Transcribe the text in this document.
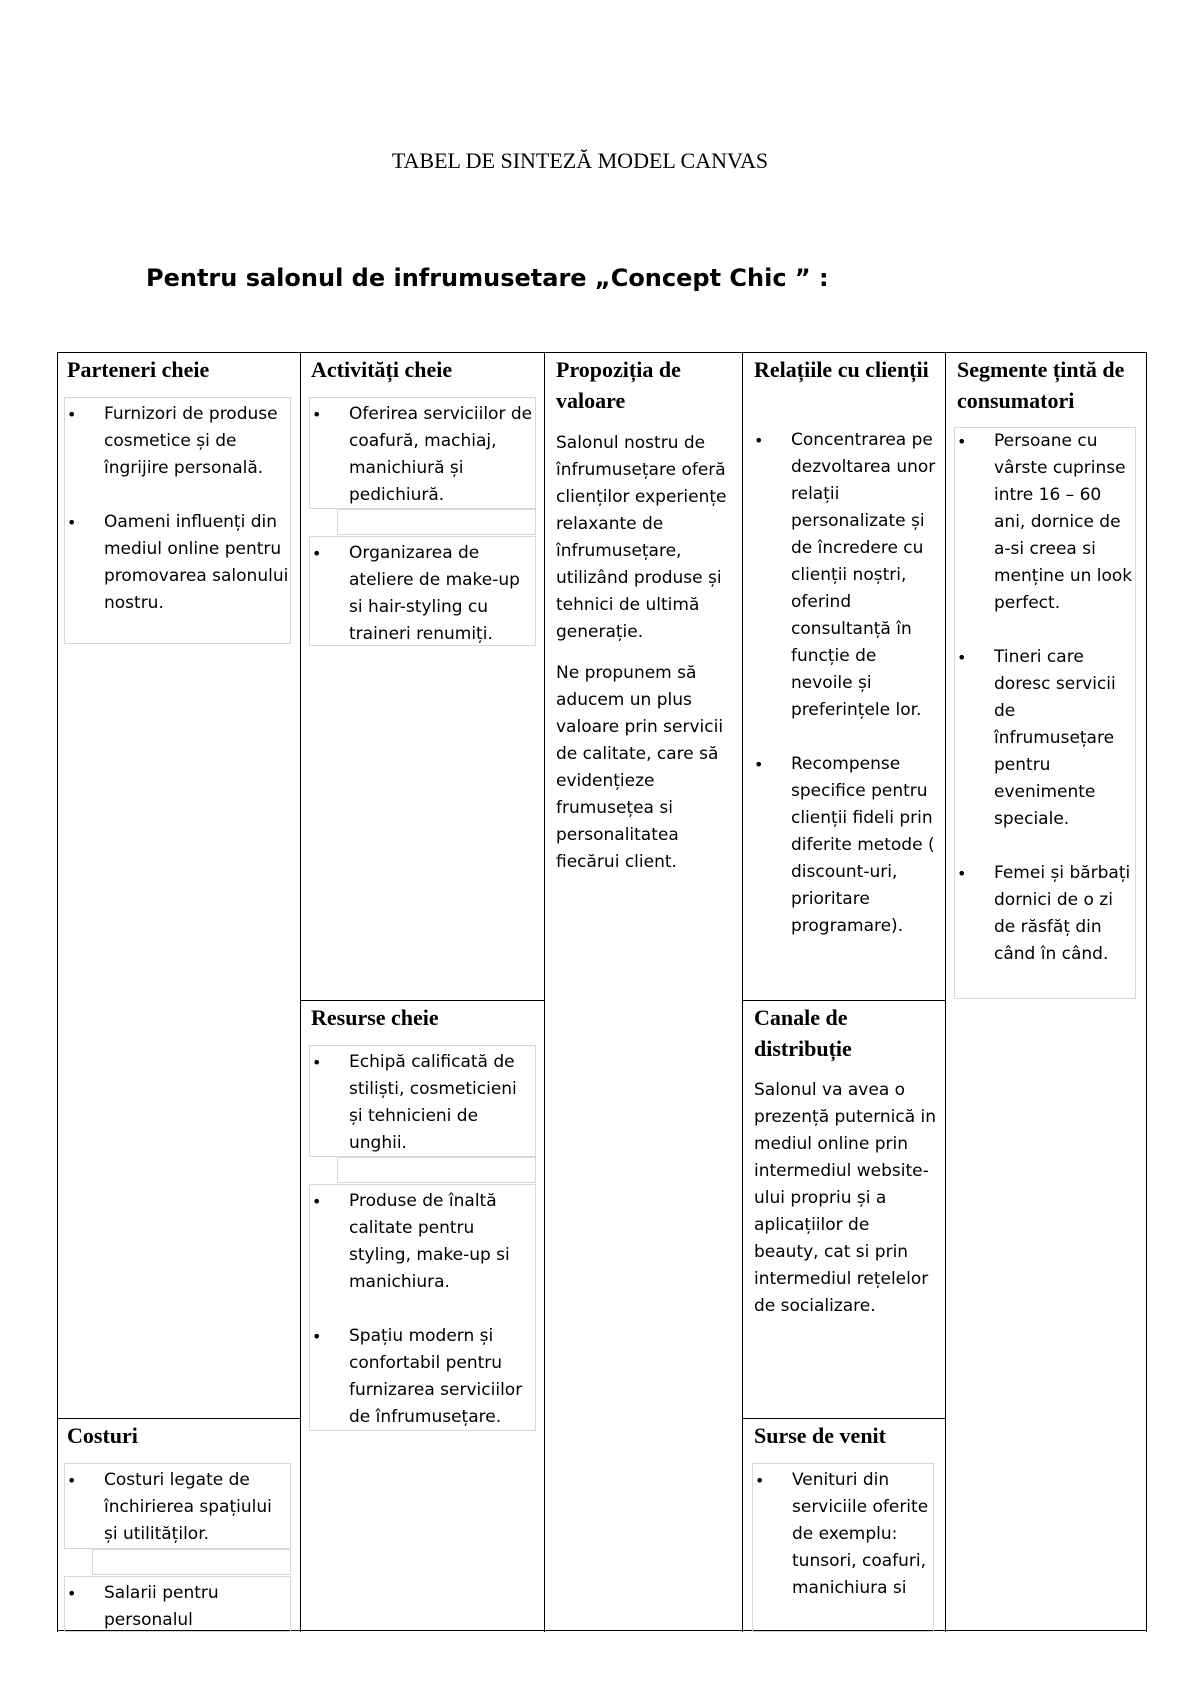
TABEL DE SINTEZĂ MODEL CANVAS
Pentru salonul de infrumusetare „Concept Chic ” :
Parteneri cheie
• Furnizori de produse cosmetice și de îngrijire personală.
• Oameni influenți din mediul online pentru promovarea salonului nostru.
Activități cheie
• Oferirea serviciilor de coafură, machiaj, manichiură și pedichiură.
• Organizarea de ateliere de make-up si hair-styling cu traineri renumiți.
Resurse cheie
• Echipă calificată de stiliști, cosmeticieni și tehnicieni de unghii.
• Produse de înaltă calitate pentru styling, make-up si manichiura.
• Spațiu modern și confortabil pentru furnizarea serviciilor de înfrumusețare.
Propoziția de valoare
Salonul nostru de înfrumusețare oferă clienților experiențe relaxante de înfrumusețare, utilizând produse și tehnici de ultimă generație.
Ne propunem să aducem un plus valoare prin servicii de calitate, care să evidențieze frumusețea si personalitatea fiecărui client.
Relațiile cu clienții
• Concentrarea pe dezvoltarea unor relații personalizate și de încredere cu clienții noștri, oferind consultanță în funcție de nevoile și preferințele lor.
• Recompense specifice pentru clienții fideli prin diferite metode ( discount-uri, prioritare programare).
Canale de distribuție
Salonul va avea o prezență puternică in mediul online prin intermediul website-ului propriu și a aplicațiilor de beauty, cat si prin intermediul rețelelor de socializare.
Segmente țintă de consumatori
• Persoane cu vârste cuprinse intre 16 – 60 ani, dornice de a-si creea si menține un look perfect.
• Tineri care doresc servicii de înfrumusețare pentru evenimente speciale.
• Femei și bărbați dornici de o zi de răsfăț din când în când.
Costuri
• Costuri legate de închirierea spațiului și utilităților.
• Salarii pentru personalul
Surse de venit
• Venituri din serviciile oferite de exemplu: tunsori, coafuri, manichiura si
